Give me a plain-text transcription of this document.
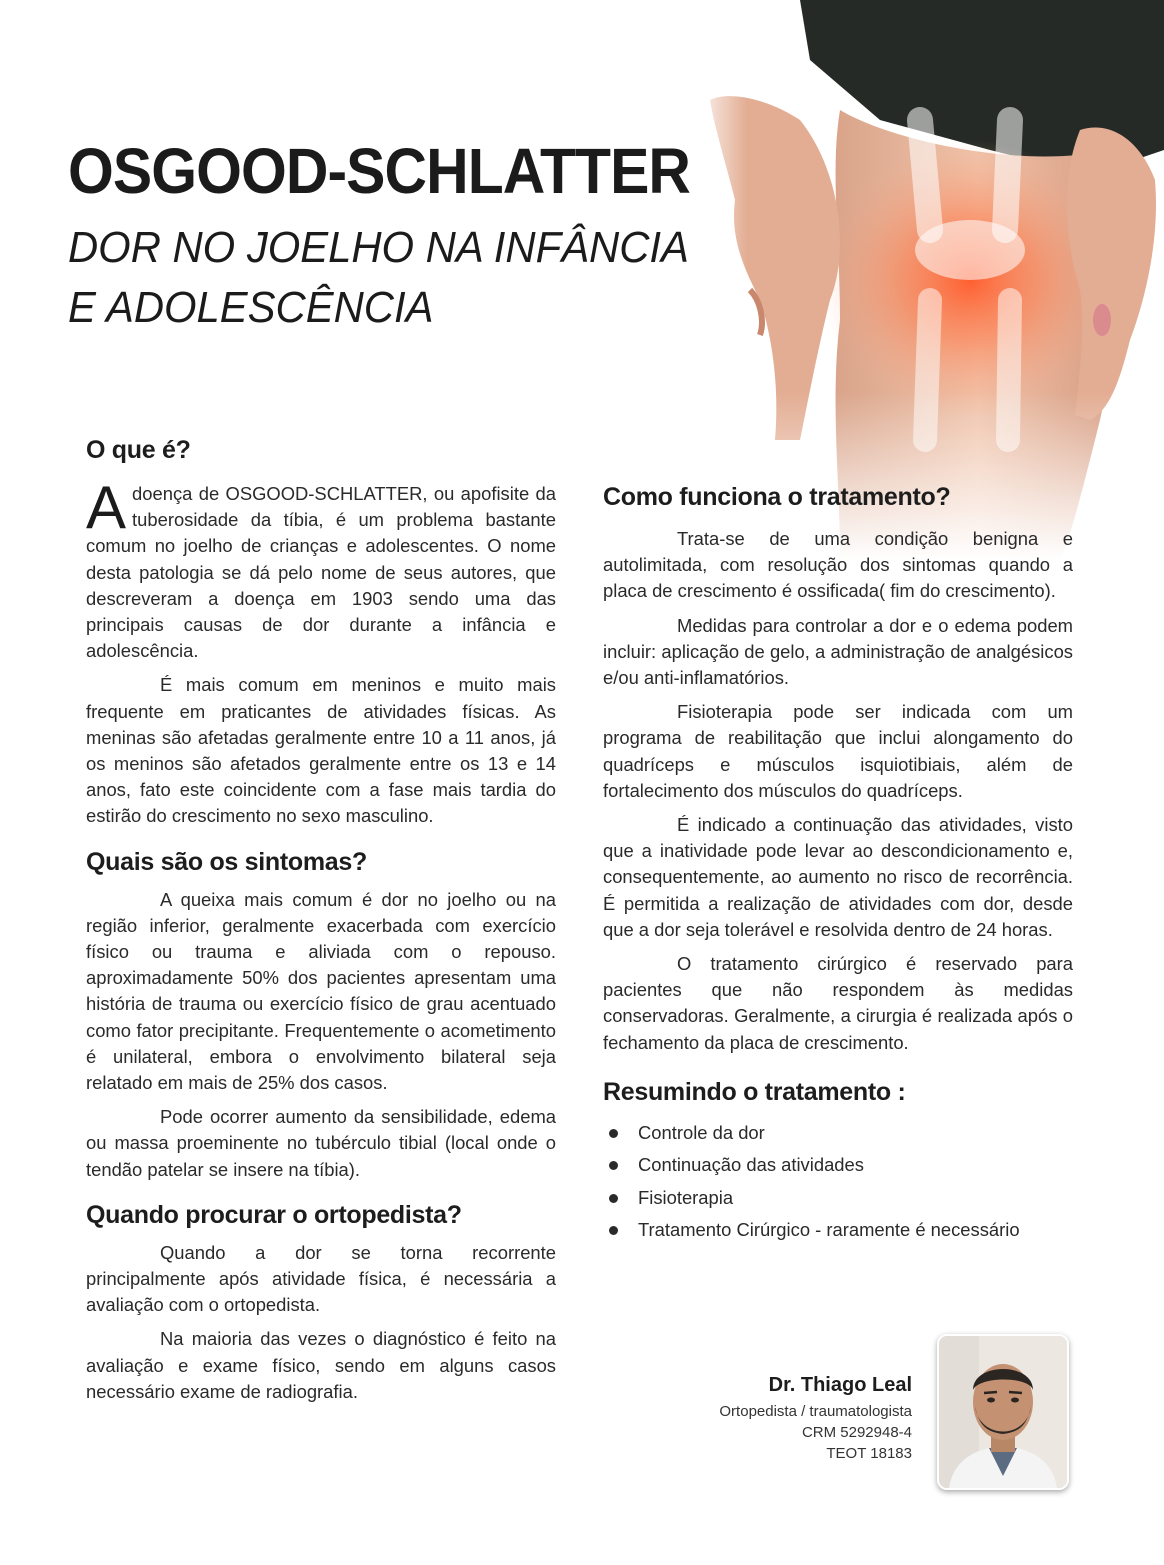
OSGOOD-SCHLATTER
DOR NO JOELHO NA INFÂNCIA
E ADOLESCÊNCIA
O que é?

Adoença de OSGOOD-SCHLATTER, ou apofisite da tuberosidade da tíbia, é um problema bastante comum no joelho de crianças e adolescentes. O nome desta patologia se dá pelo nome de seus autores, que descreveram a doença em 1903 sendo uma das principais causas de dor durante a infância e adolescência.

É mais comum em meninos e muito mais frequente em praticantes de atividades físicas. As meninas são afetadas geralmente entre 10 a 11 anos, já os meninos são afetados geralmente entre os 13 e 14 anos, fato este coincidente com a fase mais tardia do estirão do crescimento no sexo masculino.

Quais são os sintomas?

A queixa mais comum é dor no joelho ou na região inferior, geralmente exacerbada com exercício físico ou trauma e aliviada com o repouso. aproximadamente 50% dos pacientes apresentam uma história de trauma ou exercício físico de grau acentuado como fator precipitante. Frequentemente o acometimento é unilateral, embora o envolvimento bilateral seja relatado em mais de 25% dos casos.

Pode ocorrer aumento da sensibilidade, edema ou massa proeminente no tubérculo tibial (local onde o tendão patelar se insere na tíbia).

Quando procurar o ortopedista?

Quando a dor se torna recorrente principalmente após atividade física, é necessária a avaliação com o ortopedista.

Na maioria das vezes o diagnóstico é feito na avaliação e exame físico, sendo em alguns casos necessário exame de radiografia.

Como funciona o tratamento?

Trata-se de uma condição benigna e autolimitada, com resolução dos sintomas quando a placa de crescimento é ossificada( fim do crescimento).

Medidas para controlar a dor e o edema podem incluir: aplicação de gelo, a administração de analgésicos e/ou anti-inflamatórios.

Fisioterapia pode ser indicada com um programa de reabilitação que inclui alongamento do quadríceps e músculos isquiotibiais, além de fortalecimento dos músculos do quadríceps.

É indicado a continuação das atividades, visto que a inatividade pode levar ao descondicionamento e, consequentemente, ao aumento no risco de recorrência. É permitida a realização de atividades com dor, desde que a dor seja tolerável e resolvida dentro de 24 horas.

O tratamento cirúrgico é reservado para pacientes que não respondem às medidas conservadoras. Geralmente, a cirurgia é realizada após o fechamento da placa de crescimento.

Resumindo o tratamento :
Controle da dor
Continuação das atividades
Fisioterapia
Tratamento Cirúrgico - raramente é necessário
Dr. Thiago Leal
Ortopedista / traumatologista
CRM 5292948-4
TEOT 18183
